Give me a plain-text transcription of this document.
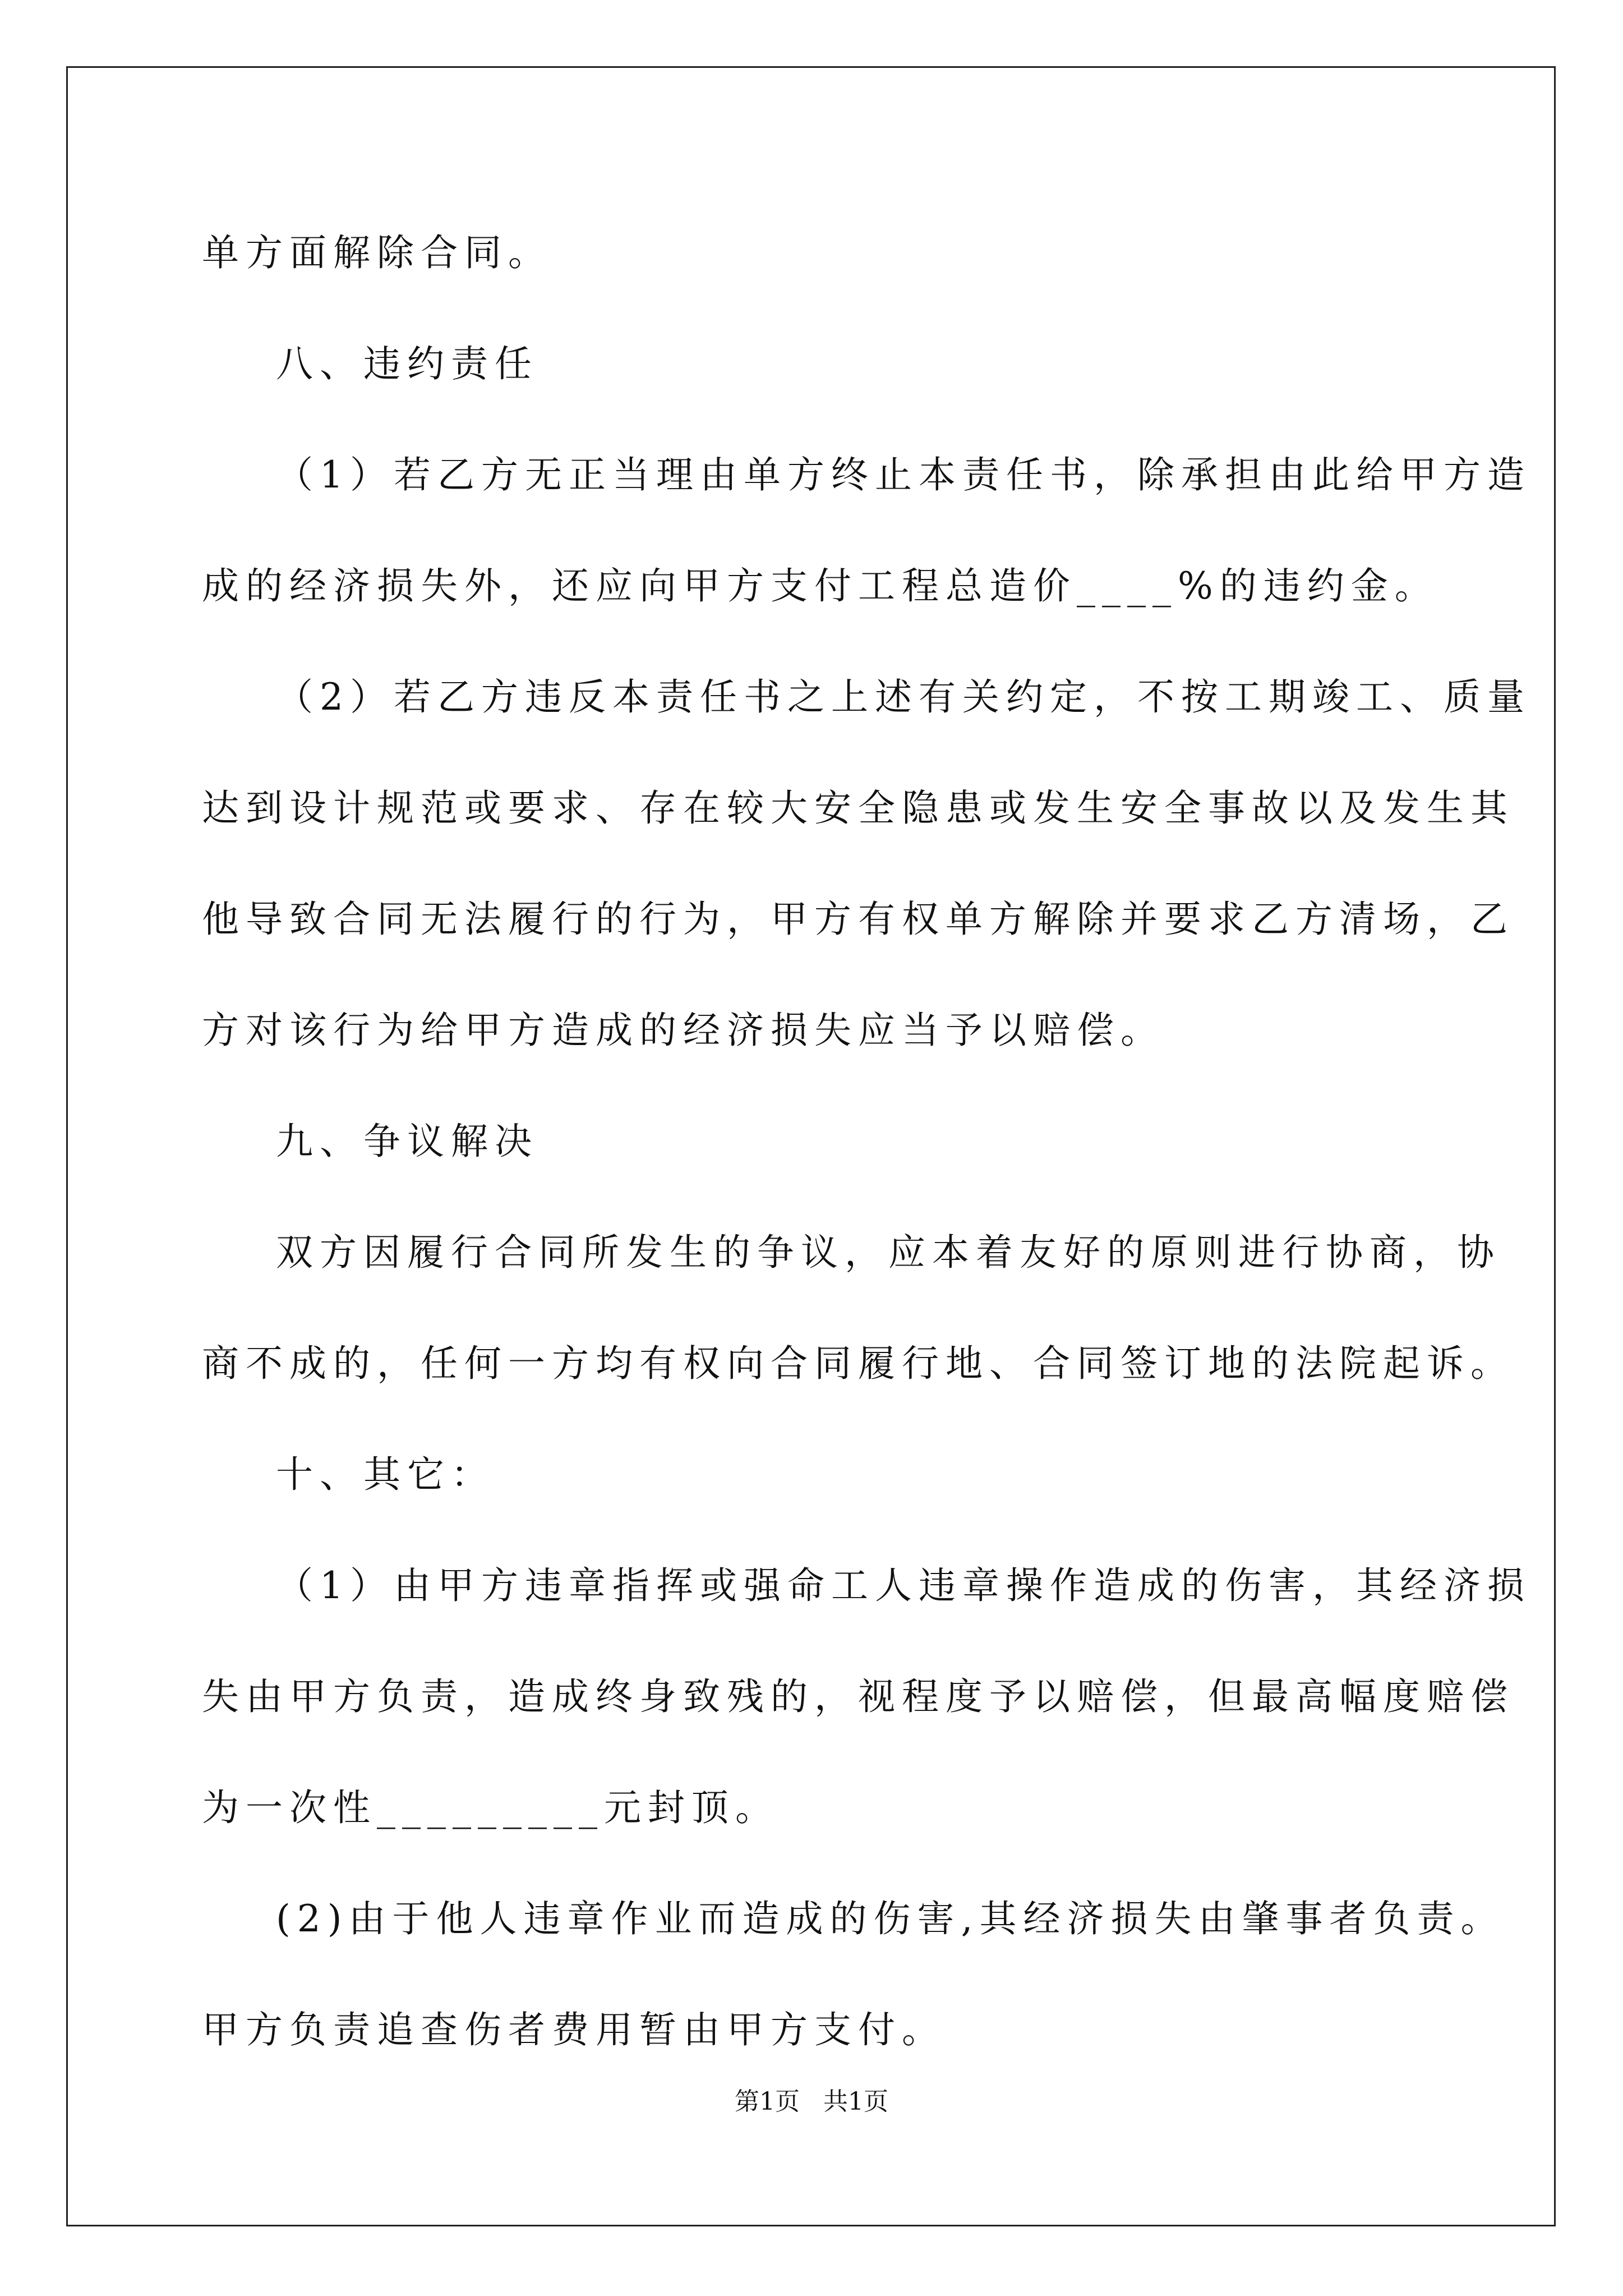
单方面解除合同。
八、违约责任
（1）若乙方无正当理由单方终止本责任书，除承担由此给甲方造
成的经济损失外，还应向甲方支付工程总造价____%的违约金。
（2）若乙方违反本责任书之上述有关约定，不按工期竣工、质量
达到设计规范或要求、存在较大安全隐患或发生安全事故以及发生其
他导致合同无法履行的行为，甲方有权单方解除并要求乙方清场，乙
方对该行为给甲方造成的经济损失应当予以赔偿。
九、争议解决
双方因履行合同所发生的争议，应本着友好的原则进行协商，协
商不成的，任何一方均有权向合同履行地、合同签订地的法院起诉。
十、其它：
（1）由甲方违章指挥或强命工人违章操作造成的伤害，其经济损
失由甲方负责，造成终身致残的，视程度予以赔偿，但最高幅度赔偿
为一次性_________元封顶。
(2)由于他人违章作业而造成的伤害,其经济损失由肇事者负责。
甲方负责追查伤者费用暂由甲方支付。
第1页 共1页
